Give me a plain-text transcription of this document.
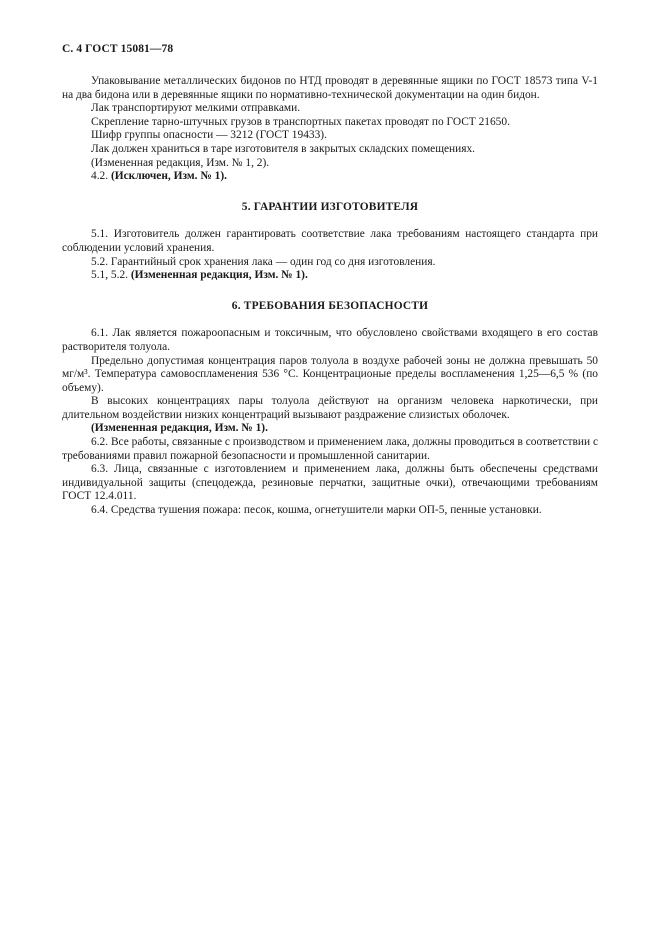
С. 4 ГОСТ 15081—78

Упаковывание металлических бидонов по НТД проводят в деревянные ящики по ГОСТ 18573 типа V-1 на два бидона или в деревянные ящики по нормативно-технической документации на один бидон.

Лак транспортируют мелкими отправками.

Скрепление тарно-штучных грузов в транспортных пакетах проводят по ГОСТ 21650.

Шифр группы опасности — 3212 (ГОСТ 19433).

Лак должен храниться в таре изготовителя в закрытых складских помещениях.

(Измененная редакция, Изм. № 1, 2).

4.2. (Исключен, Изм. № 1).

5. ГАРАНТИИ ИЗГОТОВИТЕЛЯ

5.1. Изготовитель должен гарантировать соответствие лака требованиям настоящего стандарта при соблюдении условий хранения.

5.2. Гарантийный срок хранения лака — один год со дня изготовления.

5.1, 5.2. (Измененная редакция, Изм. № 1).

6. ТРЕБОВАНИЯ БЕЗОПАСНОСТИ

6.1. Лак является пожароопасным и токсичным, что обусловлено свойствами входящего в его состав растворителя толуола.

Предельно допустимая концентрация паров толуола в воздухе рабочей зоны не должна превышать 50 мг/м³. Температура самовоспламенения 536 °С. Концентрационые пределы воспламенения 1,25—6,5 % (по объему).

В высоких концентрациях пары толуола действуют на организм человека наркотически, при длительном воздействии низких концентраций вызывают раздражение слизистых оболочек.

(Измененная редакция, Изм. № 1).

6.2. Все работы, связанные с производством и применением лака, должны проводиться в соответствии с требованиями правил пожарной безопасности и промышленной санитарии.

6.3. Лица, связанные с изготовлением и применением лака, должны быть обеспечены средствами индивидуальной защиты (спецодежда, резиновые перчатки, защитные очки), отвечающими требованиям ГОСТ 12.4.011.

6.4. Средства тушения пожара: песок, кошма, огнетушители марки ОП-5, пенные установки.
